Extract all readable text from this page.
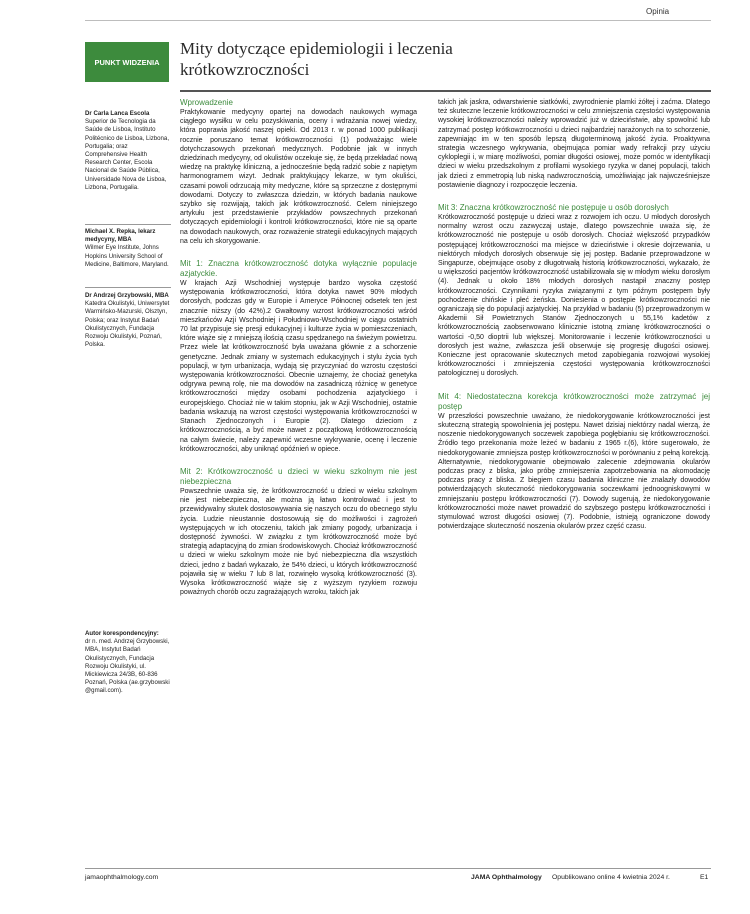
Opinia
PUNKT WIDZENIA
Mity dotyczące epidemiologii i leczenia
krótkowzroczności
Dr Carla Lanca Escola
Superior de Tecnologia da Saúde de Lisboa, Instituto Politécnico de Lisboa, Lizbona, Portugalia; oraz Comprehensive Health Research Center, Escola Nacional de Saúde Pública, Universidade Nova de Lisboa, Lizbona, Portugalia.
Michael X. Repka, lekarz medycyny, MBA
Wilmer Eye Institute, Johns Hopkins University School of Medicine, Baltimore, Maryland.
Dr Andrzej Grzybowski, MBA
Katedra Okulistyki, Uniwersytet Warmińsko-Mazurski, Olsztyn, Polska; oraz Instytut Badań Okulistycznych, Fundacja Rozwoju Okulistyki, Poznań, Polska.
Autor korespondencyjny:
dr n. med. Andrzej Grzybowski, MBA, Instytut Badań Okulistycznych, Fundacja Rozwoju Okulistyki, ul. Mickiewicza 24/3B, 60-836 Poznań, Polska (ae.grzybowski @gmail.com).
Wprowadzenie

Praktykowanie medycyny opartej na dowodach naukowych wymaga ciągłego wysiłku w celu pozyskiwania, oceny i wdrażania nowej wiedzy, która poprawia jakość naszej opieki. Od 2013 r. w ponad 1000 publikacji rocznie poruszano temat krótkowzroczności (1) podważając wiele dotychczasowych przekonań medycznych. Podobnie jak w innych dziedzinach medycyny, od okulistów oczekuje się, że będą przekładać nową wiedzę na praktykę kliniczną, a jednocześnie będą radzić sobie z napiętym harmonogramem wizyt. Jednak praktykujący lekarze, w tym okuliści, czasami powoli odrzucają mity medyczne, które są sprzeczne z dostępnymi dowodami. Dotyczy to zwłaszcza dziedzin, w których badania naukowe szybko się rozwijają, takich jak krótkowzroczność. Celem niniejszego artykułu jest przedstawienie przykładów powszechnych przekonań dotyczących epidemiologii i kontroli krótkowzroczności, które nie są oparte na dowodach naukowych, oraz rozważenie strategii edukacyjnych mających na celu ich skorygowanie.

Mit 1: Znaczna krótkowzroczność dotyka wyłącznie populacje azjatyckie.

W krajach Azji Wschodniej występuje bardzo wysoka częstość występowania krótkowzroczności, która dotyka nawet 90% młodych dorosłych, podczas gdy w Europie i Ameryce Północnej odsetek ten jest znacznie niższy (do 42%).2 Gwałtowny wzrost krótkowzroczności wśród mieszkańców Azji Wschodniej i Południowo-Wschodniej w ciągu ostatnich 70 lat przypisuje się presji edukacyjnej i kulturze życia w pomieszczeniach, które wiąże się z mniejszą ilością czasu spędzanego na świeżym powietrzu. Przez wiele lat krótkowzroczność była uważana głównie z a schorzenie genetyczne. Jednak zmiany w systemach edukacyjnych i stylu życia tych populacji, w tym urbanizacja, wydają się przyczyniać do wzrostu częstości występowania krótkowzroczności. Obecnie uznajemy, że chociaż genetyka odgrywa pewną rolę, nie ma dowodów na zasadniczą różnicę w genetyce krótkowzroczności między osobami pochodzenia azjatyckiego i europejskiego. Chociaż nie w takim stopniu, jak w Azji Wschodniej, ostatnie badania wskazują na wzrost częstości występowania krótkowzroczności w Stanach Zjednoczonych i Europie (2). Dlatego dzieciom z krótkowzrocznością, a być może nawet z początkową krótkowzrocznością na całym świecie, należy zapewnić wczesne wykrywanie, ocenę i leczenie krótkowzroczności, aby uniknąć opóźnień w opiece.

Mit 2: Krótkowzroczność u dzieci w wieku szkolnym nie jest niebezpieczna

Powszechnie uważa się, że krótkowzroczność u dzieci w wieku szkolnym nie jest niebezpieczna, ale można ją łatwo kontrolować i jest to przewidywalny skutek dostosowywania się naszych oczu do obecnego stylu życia. Ludzie nieustannie dostosowują się do możliwości i zagrożeń występujących w ich otoczeniu, takich jak zmiany pogody, urbanizacja i dostępność żywności. W związku z tym krótkowzroczność może być strategią adaptacyjną do zmian środowiskowych. Chociaż krótkowzroczność u dzieci w wieku szkolnym może nie być niebezpieczna dla wszystkich dzieci, jedno z badań wykazało, że 54% dzieci, u których krótkowzroczność pojawiła się w wieku 7 lub 8 lat, rozwinęło wysoką krótkowzroczność (3). Wysoka krótkowzroczność wiąże się z wyższym ryzykiem rozwoju poważnych chorób oczu zagrażających wzroku, takich jak

takich jak jaskra, odwarstwienie siatkówki, zwyrodnienie plamki żółtej i zaćma. Dlatego też skuteczne leczenie krótkowzroczności w celu zmniejszenia częstości występowania wysokiej krótkowzroczności należy wprowadzić już w dzieciństwie, aby spowolnić lub zatrzymać postęp krótkowzroczności u dzieci najbardziej narażonych na to schorzenie, zapewniając im w ten sposób lepszą długoterminową jakość życia. Proaktywna strategia wczesnego wykrywania, obejmująca pomiar wady refrakcji przy użyciu cykloplegii i, w miarę możliwości, pomiar długości osiowej, może pomóc w identyfikacji dzieci w wieku przedszkolnym z profilami wysokiego ryzyka w danej populacji, takich jak dzieci z emmetropią lub niską nadwzrocznością, umożliwiając jak najwcześniejsze postawienie diagnozy i rozpoczęcie leczenia.

Mit 3: Znaczna krótkowzroczność nie postępuje u osób dorosłych

Krótkowzroczność postępuje u dzieci wraz z rozwojem ich oczu. U młodych dorosłych normalny wzrost oczu zazwyczaj ustaje, dlatego powszechnie uważa się, że krótkowzroczność nie postępuje u osób dorosłych. Chociaż większość przypadków postępującej krótkowzroczności ma miejsce w dzieciństwie i okresie dojrzewania, u niektórych młodych dorosłych obserwuje się jej postęp. Badanie przeprowadzone w Singapurze, obejmujące osoby z długotrwałą historią krótkowzroczności, wykazało, że u większości pacjentów krótkowzroczność ustabilizowała się w młodym wieku dorosłym (4). Jednak u około 18% młodych dorosłych nastąpił znaczny postęp krótkowzroczności. Czynnikami ryzyka związanymi z tym późnym postępem były pochodzenie chińskie i płeć żeńska. Doniesienia o postępie krótkowzroczności nie ograniczają się do populacji azjatyckiej. Na przykład w badaniu (5) przeprowadzonym w Akademii Sił Powietrznych Stanów Zjednoczonych u 55,1% kadetów z krótkowzrocznością zaobserwowano klinicznie istotną zmianę krótkowzroczności o wartości -0,50 dioptrii lub większej. Monitorowanie i leczenie krótkowzroczności u dorosłych jest ważne, zwłaszcza jeśli obserwuje się progresję długości osiowej. Konieczne jest opracowanie skutecznych metod zapobiegania rozwojowi wysokiej krótkowzroczności i zmniejszenia częstości występowania krótkowzroczności patologicznej u dorosłych.

Mit 4: Niedostateczna korekcja krótkowzroczności może zatrzymać jej postęp

W przeszłości powszechnie uważano, że niedokorygowanie krótkowzroczności jest skuteczną strategią spowolnienia jej postępu. Nawet dzisiaj niektórzy nadal wierzą, że noszenie niedokorygowanych soczewek zapobiega pogłębianiu się krótkowzroczności. Źródło tego przekonania może leżeć w badaniu z 1965 r.(6), które sugerowało, że niedokorygowanie zmniejsza postęp krótkowzroczności w porównaniu z pełną korekcją. Alternatywnie, niedokorygowanie obejmowało zalecenie zdejmowania okularów podczas pracy z bliska, jako próbę zmniejszenia zapotrzebowania na akomodację podczas pracy z bliska. Z biegiem czasu badania kliniczne nie znalazły dowodów potwierdzających skuteczność niedokorygowania soczewkami jednoogniskowymi w zmniejszaniu postępu krótkowzroczności (7). Dowody sugerują, że niedokorygowanie krótkowzroczności może nawet prowadzić do szybszego postępu krótkowzroczności i stymulować wzrost długości osiowej (7). Podobnie, istnieją ograniczone dowody potwierdzające skuteczność noszenia okularów przez część czasu.

jamaophthalmology.com	JAMA Ophthalmology Opublikowano online 4 kwietnia 2024 r.	E1
